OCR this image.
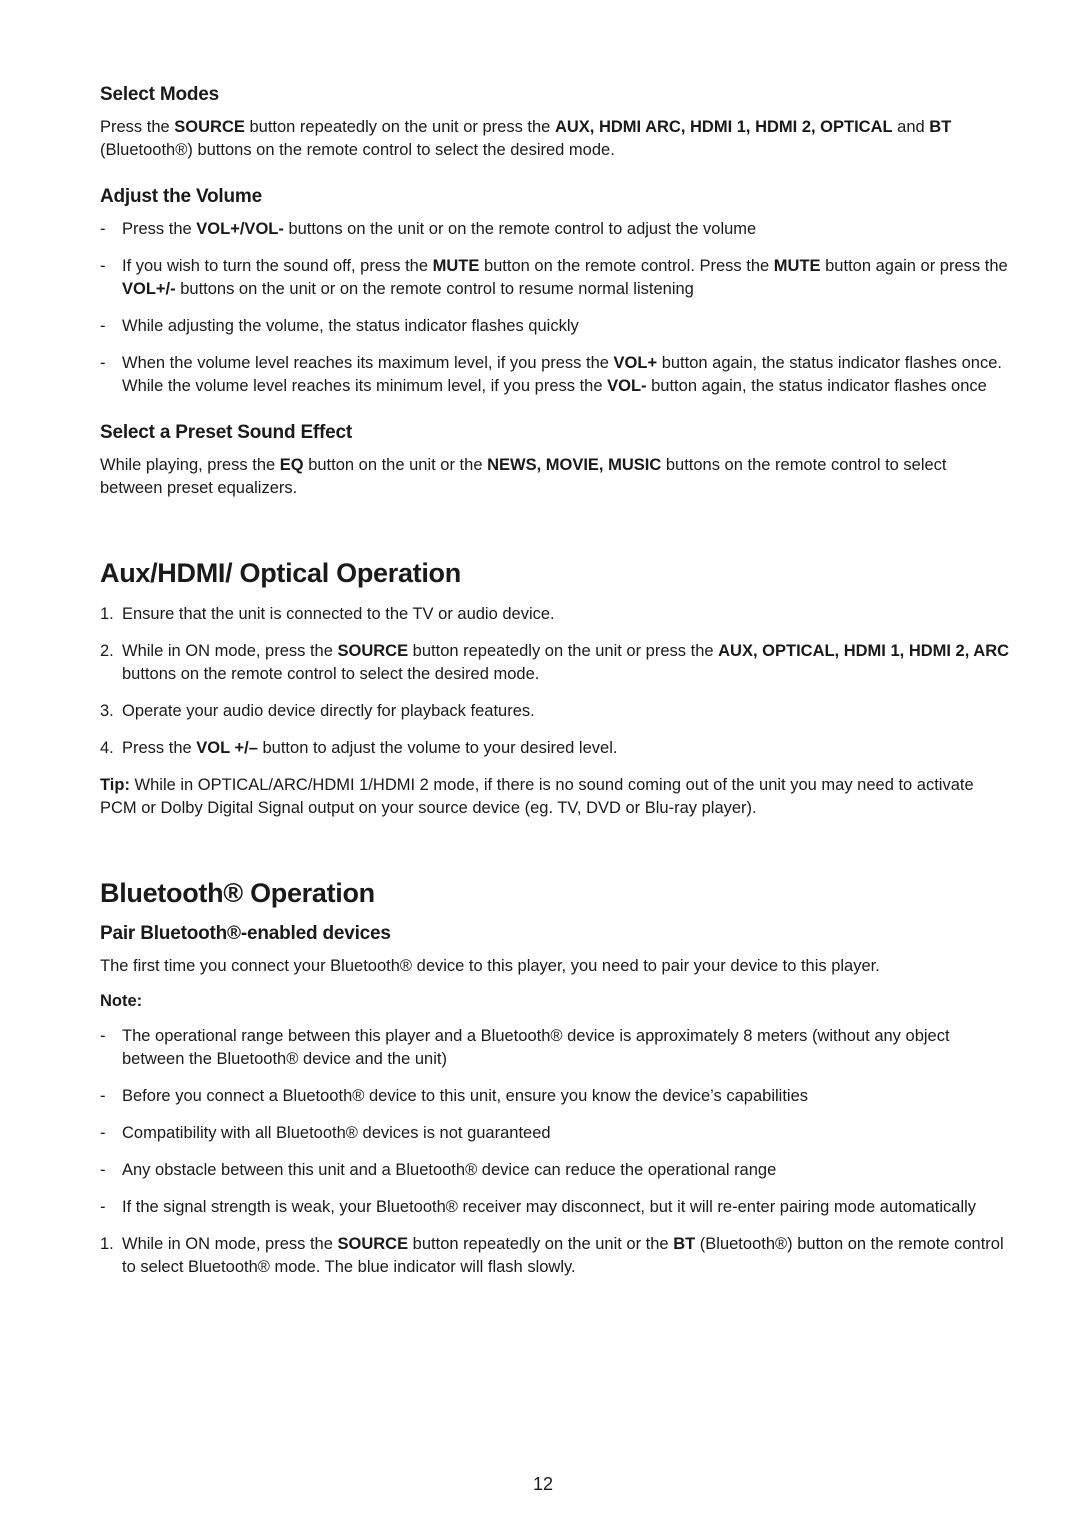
Select Modes

Press the SOURCE button repeatedly on the unit or press the AUX, HDMI ARC, HDMI 1, HDMI 2, OPTICAL and BT (Bluetooth®) buttons on the remote control to select the desired mode.

Adjust the Volume
- Press the VOL+/VOL- buttons on the unit or on the remote control to adjust the volume
- If you wish to turn the sound off, press the MUTE button on the remote control. Press the MUTE button again or press the VOL+/- buttons on the unit or on the remote control to resume normal listening
- While adjusting the volume, the status indicator flashes quickly
- When the volume level reaches its maximum level, if you press the VOL+ button again, the status indicator flashes once. While the volume level reaches its minimum level, if you press the VOL- button again, the status indicator flashes once
Select a Preset Sound Effect

While playing, press the EQ button on the unit or the NEWS, MOVIE, MUSIC buttons on the remote control to select between preset equalizers.

Aux/HDMI/ Optical Operation
1. Ensure that the unit is connected to the TV or audio device.
2. While in ON mode, press the SOURCE button repeatedly on the unit or press the AUX, OPTICAL, HDMI 1, HDMI 2, ARC buttons on the remote control to select the desired mode.
3. Operate your audio device directly for playback features.
4. Press the VOL +/– button to adjust the volume to your desired level.

Tip: While in OPTICAL/ARC/HDMI 1/HDMI 2 mode, if there is no sound coming out of the unit you may need to activate PCM or Dolby Digital Signal output on your source device (eg. TV, DVD or Blu-ray player).

Bluetooth® Operation
Pair Bluetooth®-enabled devices

The first time you connect your Bluetooth® device to this player, you need to pair your device to this player.

Note:
- The operational range between this player and a Bluetooth® device is approximately 8 meters (without any object between the Bluetooth® device and the unit)
- Before you connect a Bluetooth® device to this unit, ensure you know the device’s capabilities
- Compatibility with all Bluetooth® devices is not guaranteed
- Any obstacle between this unit and a Bluetooth® device can reduce the operational range
- If the signal strength is weak, your Bluetooth® receiver may disconnect, but it will re-enter pairing mode automatically
1. While in ON mode, press the SOURCE button repeatedly on the unit or the BT (Bluetooth®) button on the remote control to select Bluetooth® mode. The blue indicator will flash slowly.
12
